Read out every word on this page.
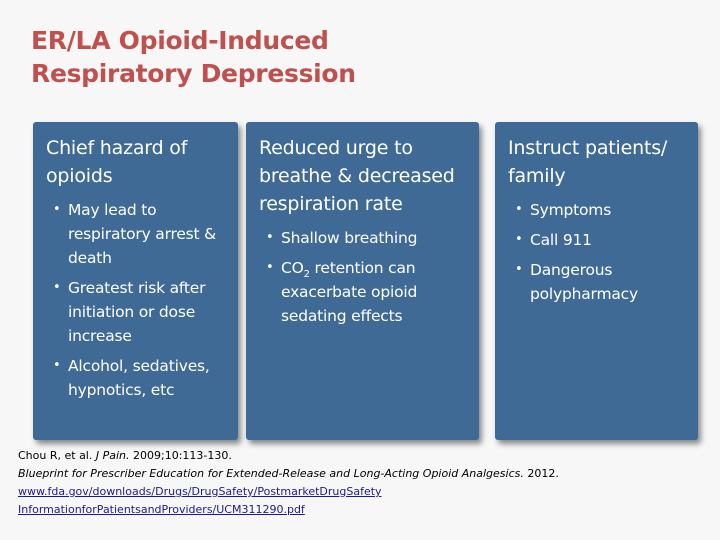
ER/LA Opioid-Induced
Respiratory Depression
Chief hazard of opioids
• May lead to respiratory arrest & death
• Greatest risk after initiation or dose increase
• Alcohol, sedatives, hypnotics, etc
Reduced urge to breathe & decreased respiration rate
• Shallow breathing
• $CO_2$ retention can exacerbate opioid sedating effects
Instruct patients/ family
• Symptoms
• Call 911
• Dangerous polypharmacy
Chou R, et al. J Pain. 2009;10:113-130.
Blueprint for Prescriber Education for Extended-Release and Long-Acting Opioid Analgesics. 2012.
www.fda.gov/downloads/Drugs/DrugSafety/PostmarketDrugSafety
InformationforPatientsandProviders/UCM311290.pdf
